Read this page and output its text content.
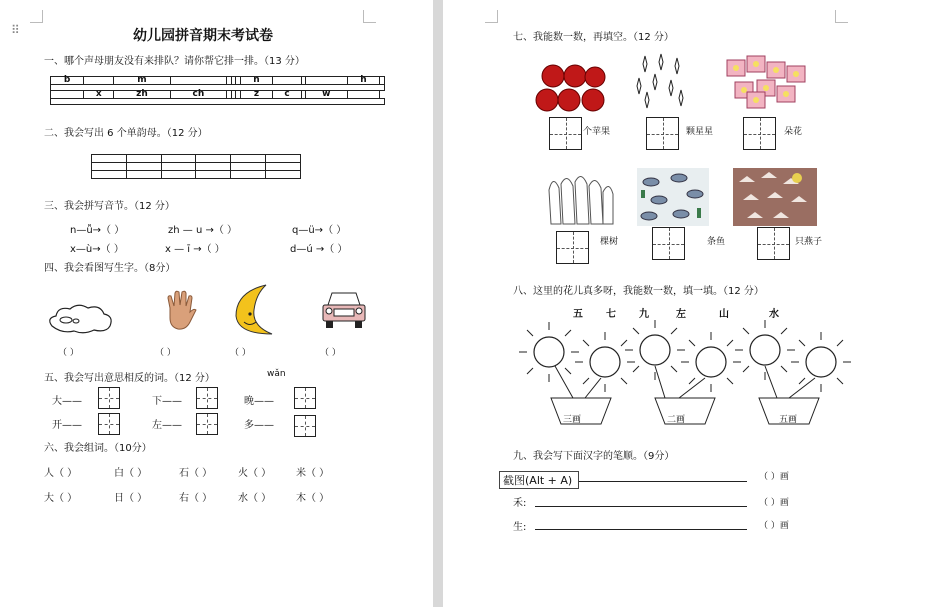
⠿	幼儿园拼音期末考试卷
一、哪个声母朋友没有来排队？请你帮它排一排。（13 分）
b		m					n				h	

	x	zh	ch				z	c		w		

二、我会写出 6 个单韵母。（12 分）

三、我会拼写音节。（12 分）
n—ǚ→（ ）	zh — u →（ ）	q—ü→（ ）
x—ù→（ ）	x — ī →（ ）	d—ú →（ ）
四、我会看图写生字。（8分）
（ ）	（ ）	（ ）	（ ）
五、我会写出意思相反的词。（12 分）	wǎn
大——	下——	晚——
开——	左——	多——
六、我会组词。（10分）
人（ ）	白（ ）	石（ ）	火（ ） 米（ ）
大（ ）	日（ ）	右（ ）	水（ ） 木（ ）
七、我能数一数，再填空。（12 分）
个苹果	颗星星	朵花
棵树	条鱼	只燕子
八、这里的花儿真多呀，我能数一数，填一填。（12 分）
五 七 九	左	山	水
三画	二画	五画
九、我会写下面汉字的笔顺。（9分）
（ ）画
禾:	（ ）画
生:	（ ）画
截图(Alt + A)
